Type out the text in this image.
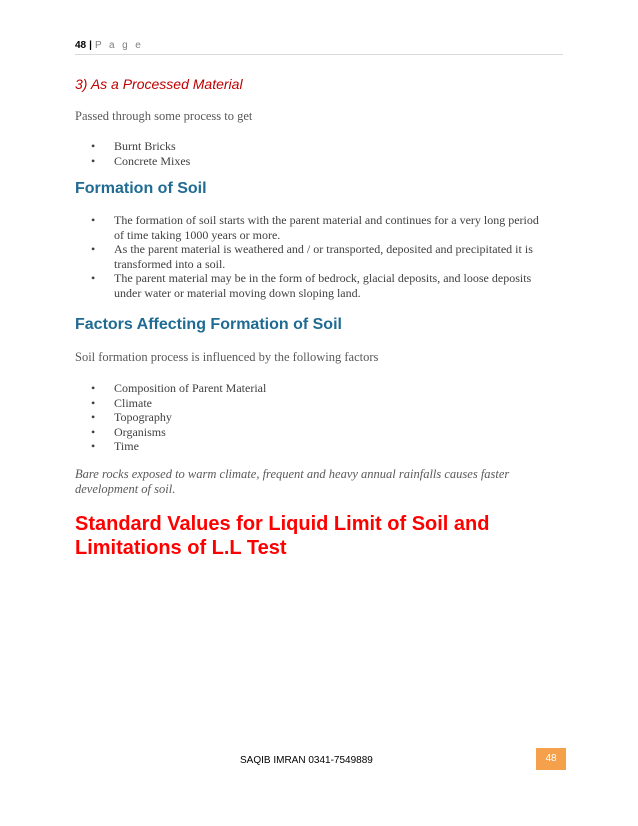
48 | P a g e
3) As a Processed Material

Passed through some process to get

• Burnt Bricks
• Concrete Mixes
Formation of Soil
• The formation of soil starts with the parent material and continues for a very long period
of time taking 1000 years or more.
• As the parent material is weathered and / or transported, deposited and precipitated it is
transformed into a soil.
• The parent material may be in the form of bedrock, glacial deposits, and loose deposits
under water or material moving down sloping land.
Factors Affecting Formation of Soil

Soil formation process is influenced by the following factors

• Composition of Parent Material
• Climate
• Topography
• Organisms
• Time

Bare rocks exposed to warm climate, frequent and heavy annual rainfalls causes faster
development of soil.

Standard Values for Liquid Limit of Soil and
Limitations of L.L Test
SAQIB IMRAN 0341-7549889	48
